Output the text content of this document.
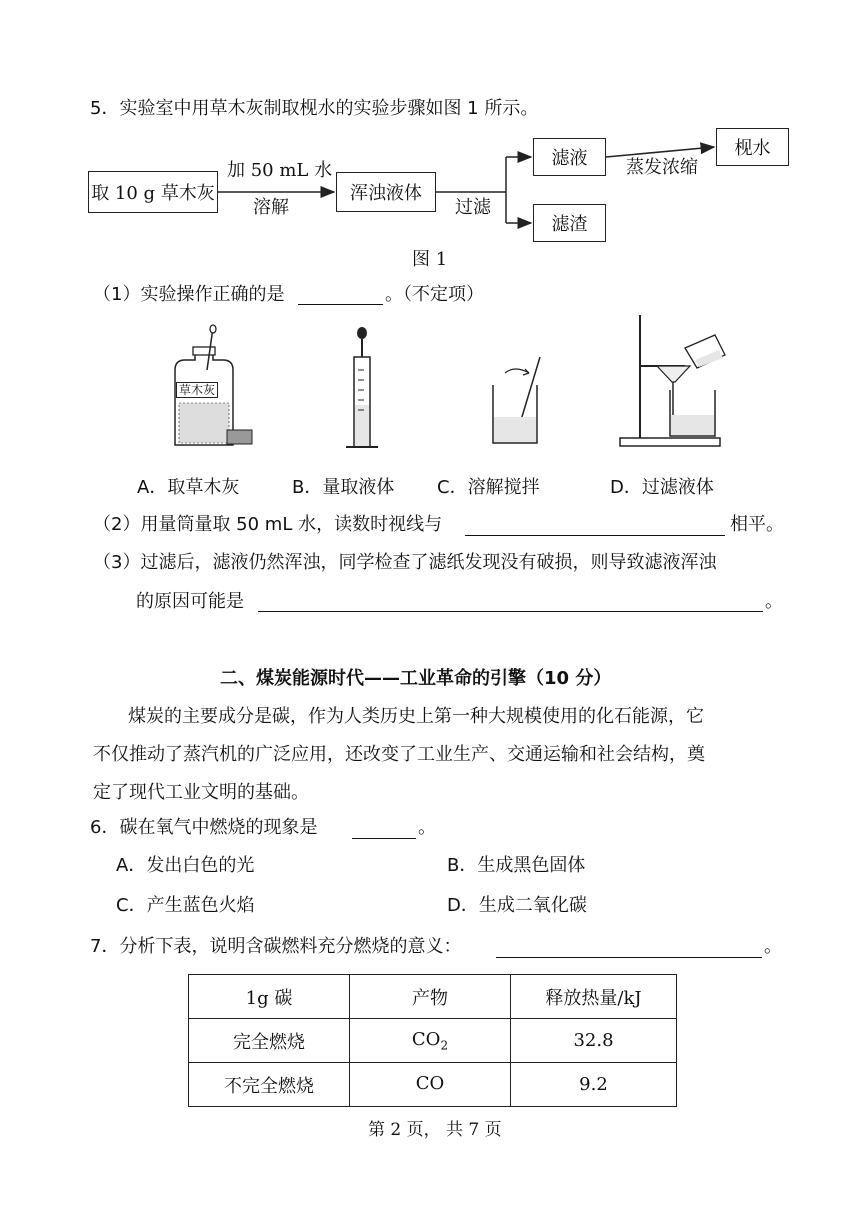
5．实验室中用草木灰制取枧水的实验步骤如图 1 所示。
取 10 g 草木灰
加 50 mL 水
溶解
浑浊液体
过滤
滤液
滤渣
蒸发浓缩
枧水
图 1
（1）实验操作正确的是	。（不定项）
草木灰
A．取草木灰	B．量取液体 C．溶解搅拌	D．过滤液体
（2）用量筒量取 50 mL 水，读数时视线与	相平。
（3）过滤后，滤液仍然浑浊，同学检查了滤纸发现没有破损，则导致滤液浑浊
的原因可能是	。
二、煤炭能源时代——工业革命的引擎（10 分）
煤炭的主要成分是碳，作为人类历史上第一种大规模使用的化石能源，它
不仅推动了蒸汽机的广泛应用，还改变了工业生产、交通运输和社会结构，奠
定了现代工业文明的基础。
6．碳在氧气中燃烧的现象是	。
A．发出白色的光	B．生成黑色固体
C．产生蓝色火焰	D．生成二氧化碳
7．分析下表，说明含碳燃料充分燃烧的意义：	。
1g 碳	产物	释放热量/kJ
完全燃烧	$CO_2$	32.8
不完全燃烧	CO	9.2
第 2 页， 共 7 页
